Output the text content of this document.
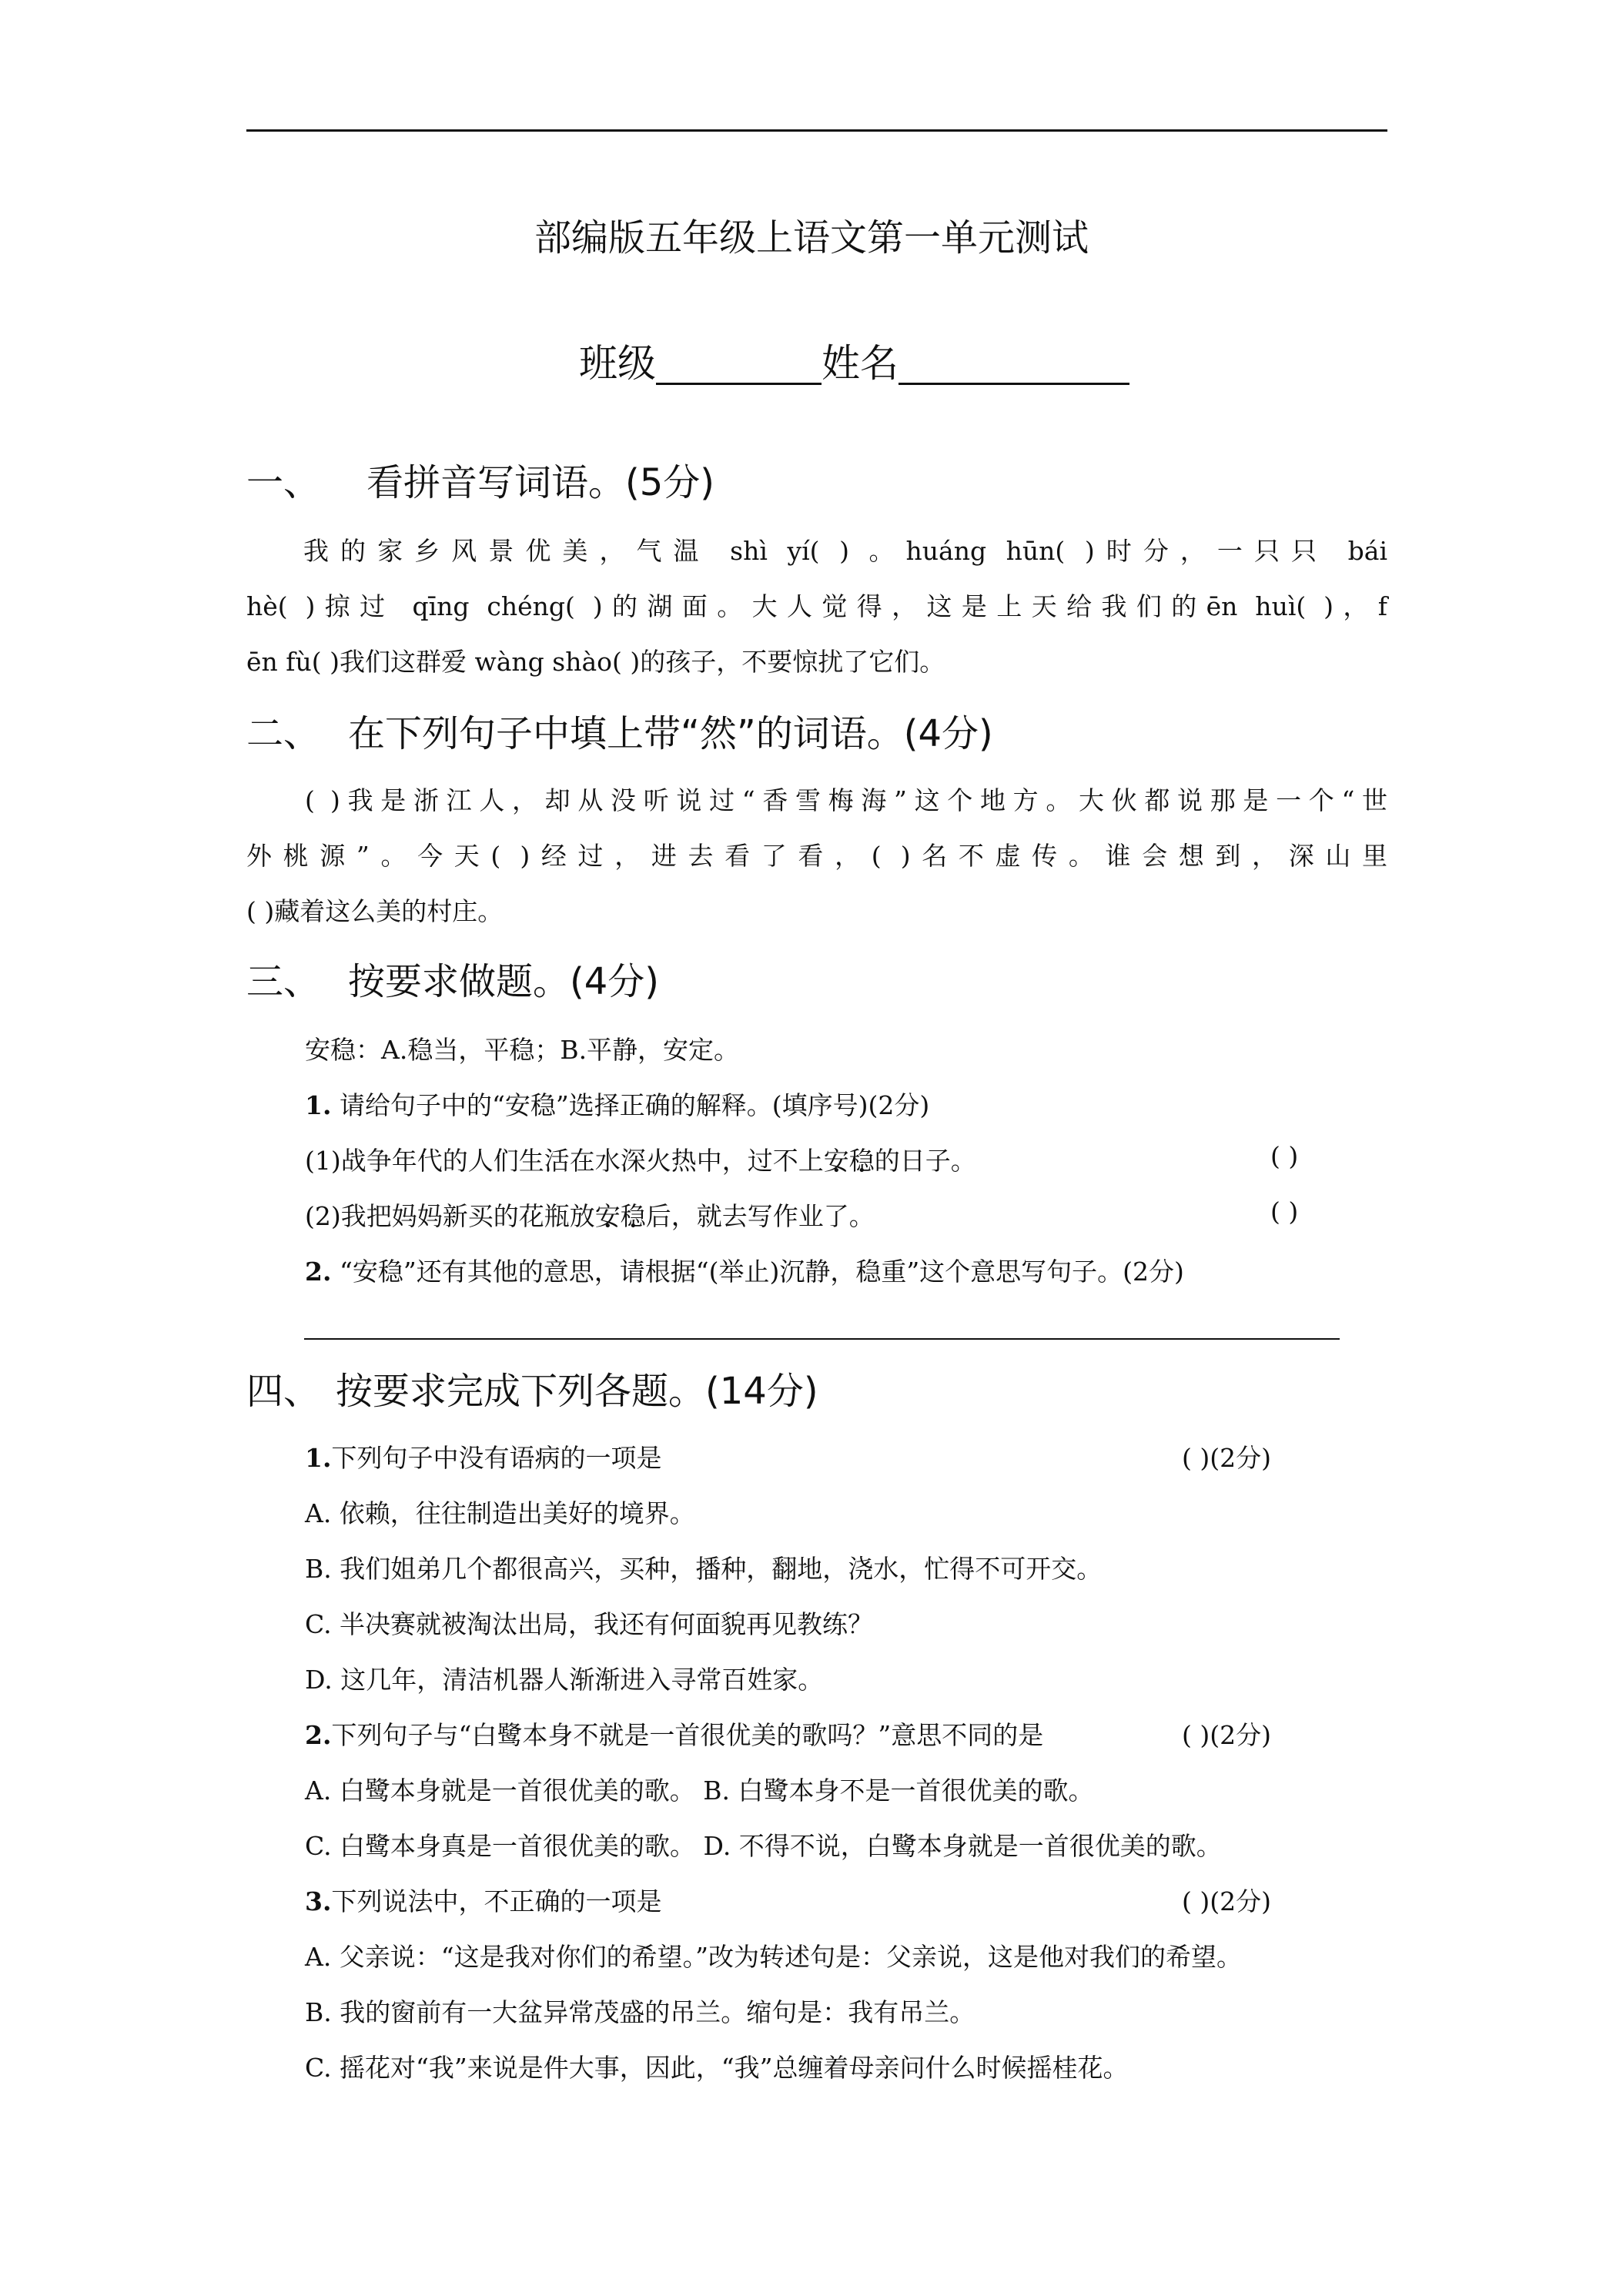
部编版五年级上语文第一单元测试
班级	姓名
一、 看拼音写词语。(5分)
我的家乡风景优美，气温 shì yí( ) 。huáng hūn( )时分，一只只 bái
hè( )掠过 qīng chéng( )的湖面。大人觉得，这是上天给我们的ēn huì( )，f
ēn fù( )我们这群爱 wàng shào( )的孩子，不要惊扰了它们。
二、 在下列句子中填上带“然”的词语。(4分)
( )我是浙江人，却从没听说过“香雪梅海”这个地方。大伙都说那是一个“世
外桃源”。今天( )经过，进去看了看，( )名不虚传。谁会想到，深山里
( )藏着这么美的村庄。
三、 按要求做题。(4分)
安稳：A.稳当，平稳；B.平静，安定。
1. 请给句子中的“安稳”选择正确的解释。(填序号)(2分)
(1)战争年代的人们生活在水深火热中，过不上安稳的日子。	( )
(2)我把妈妈新买的花瓶放安稳后，就去写作业了。	( )
2. “安稳”还有其他的意思，请根据“(举止)沉静，稳重”这个意思写句子。(2分)
四、 按要求完成下列各题。(14分)
1.下列句子中没有语病的一项是	( )(2分)
A. 依赖，往往制造出美好的境界。
B. 我们姐弟几个都很高兴，买种，播种，翻地，浇水，忙得不可开交。
C. 半决赛就被淘汰出局，我还有何面貌再见教练？
D. 这几年，清洁机器人渐渐进入寻常百姓家。
2.下列句子与“白鹭本身不就是一首很优美的歌吗？”意思不同的是	( )(2分)
A. 白鹭本身就是一首很优美的歌。 B. 白鹭本身不是一首很优美的歌。
C. 白鹭本身真是一首很优美的歌。 D. 不得不说，白鹭本身就是一首很优美的歌。
3.下列说法中，不正确的一项是	( )(2分)
A. 父亲说：“这是我对你们的希望。”改为转述句是：父亲说，这是他对我们的希望。
B. 我的窗前有一大盆异常茂盛的吊兰。缩句是：我有吊兰。
C. 摇花对“我”来说是件大事，因此，“我”总缠着母亲问什么时候摇桂花。
